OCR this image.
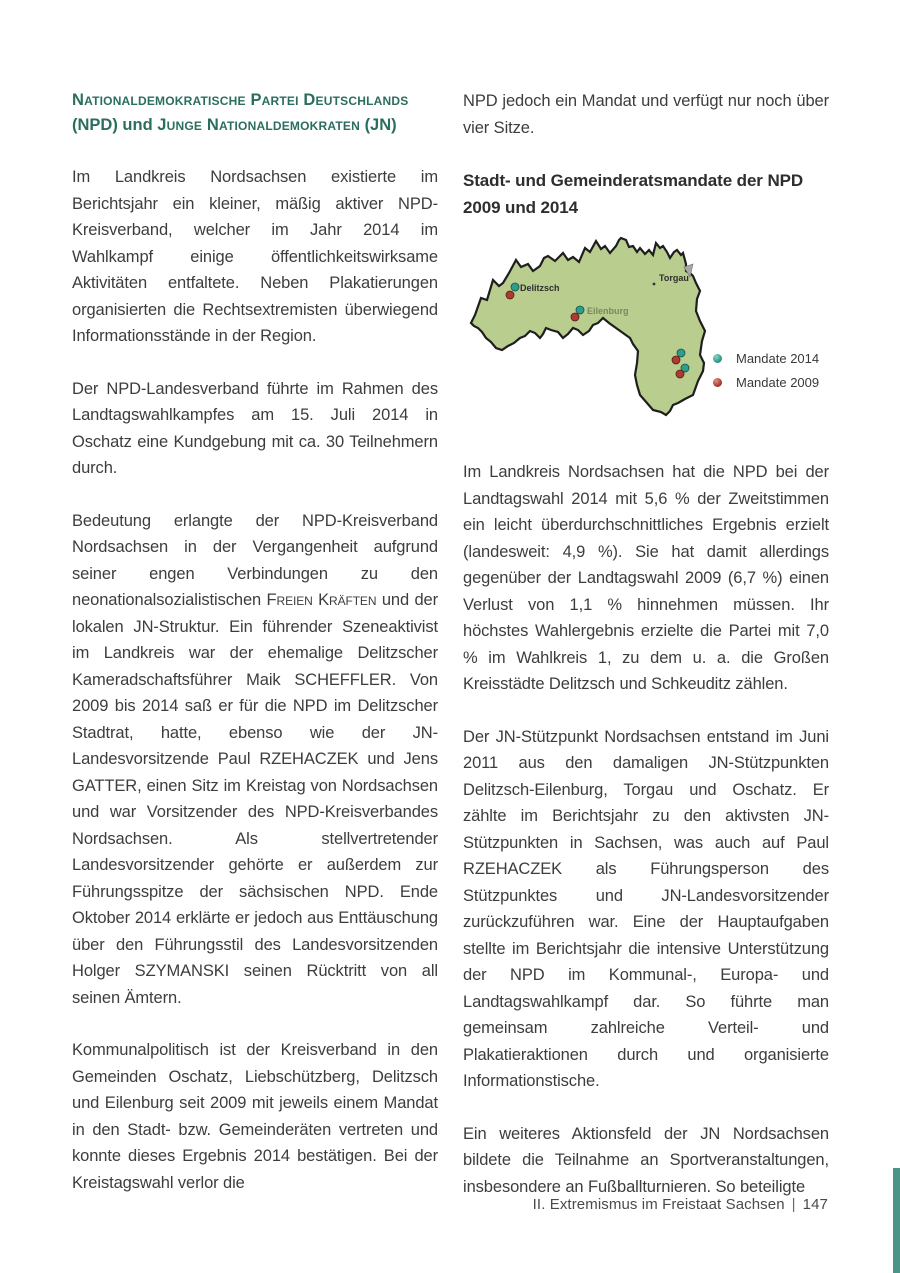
Nationaldemokratische Partei Deutschlands (NPD) und Junge Nationaldemokraten (JN)

Im Landkreis Nordsachsen existierte im Berichtsjahr ein kleiner, mäßig aktiver NPD-Kreisverband, welcher im Jahr 2014 im Wahlkampf einige öffentlichkeitswirksame Aktivitäten entfaltete. Neben Plakatierungen organisierten die Rechtsextremisten überwiegend Informationsstände in der Region.

Der NPD-Landesverband führte im Rahmen des Landtagswahlkampfes am 15. Juli 2014 in Oschatz eine Kundgebung mit ca. 30 Teilnehmern durch.

Bedeutung erlangte der NPD-Kreisverband Nordsachsen in der Vergangenheit aufgrund seiner engen Verbindungen zu den neonationalsozialistischen Freien Kräften und der lokalen JN-Struktur. Ein führender Szeneaktivist im Landkreis war der ehemalige Delitzscher Kameradschaftsführer Maik SCHEFFLER. Von 2009 bis 2014 saß er für die NPD im Delitzscher Stadtrat, hatte, ebenso wie der JN-Landesvorsitzende Paul RZEHACZEK und Jens GATTER, einen Sitz im Kreistag von Nordsachsen und war Vorsitzender des NPD-Kreisverbandes Nordsachsen. Als stellvertretender Landesvorsitzender gehörte er außerdem zur Führungsspitze der sächsischen NPD. Ende Oktober 2014 erklärte er jedoch aus Enttäuschung über den Führungsstil des Landesvorsitzenden Holger SZYMANSKI seinen Rücktritt von all seinen Ämtern.

Kommunalpolitisch ist der Kreisverband in den Gemeinden Oschatz, Liebschützberg, Delitzsch und Eilenburg seit 2009 mit jeweils einem Mandat in den Stadt- bzw. Gemeinderäten vertreten und konnte dieses Ergebnis 2014 bestätigen. Bei der Kreistagswahl verlor die

NPD jedoch ein Mandat und verfügt nur noch über vier Sitze.

Stadt- und Gemeinderatsmandate der NPD 2009 und 2014
Delitzsch
Eilenburg
Torgau
Mandate 2014
Mandate 2009

Im Landkreis Nordsachsen hat die NPD bei der Landtagswahl 2014 mit 5,6 % der Zweitstimmen ein leicht überdurchschnittliches Ergebnis erzielt (landesweit: 4,9 %). Sie hat damit allerdings gegenüber der Landtagswahl 2009 (6,7 %) einen Verlust von 1,1 % hinnehmen müssen. Ihr höchstes Wahlergebnis erzielte die Partei mit 7,0 % im Wahlkreis 1, zu dem u. a. die Großen Kreisstädte Delitzsch und Schkeuditz zählen.

Der JN-Stützpunkt Nordsachsen entstand im Juni 2011 aus den damaligen JN-Stützpunkten Delitzsch-Eilenburg, Torgau und Oschatz. Er zählte im Berichtsjahr zu den aktivsten JN-Stützpunkten in Sachsen, was auch auf Paul RZEHACZEK als Führungsperson des Stützpunktes und JN-Landesvorsitzender zurückzuführen war. Eine der Hauptaufgaben stellte im Berichtsjahr die intensive Unterstützung der NPD im Kommunal-, Europa- und Landtagswahlkampf dar. So führte man gemeinsam zahlreiche Verteil- und Plakatieraktionen durch und organisierte Informationstische.

Ein weiteres Aktionsfeld der JN Nordsachsen bildete die Teilnahme an Sportveranstaltungen, insbesondere an Fußballturnieren. So beteiligte

II. Extremismus im Freistaat Sachsen | 147
